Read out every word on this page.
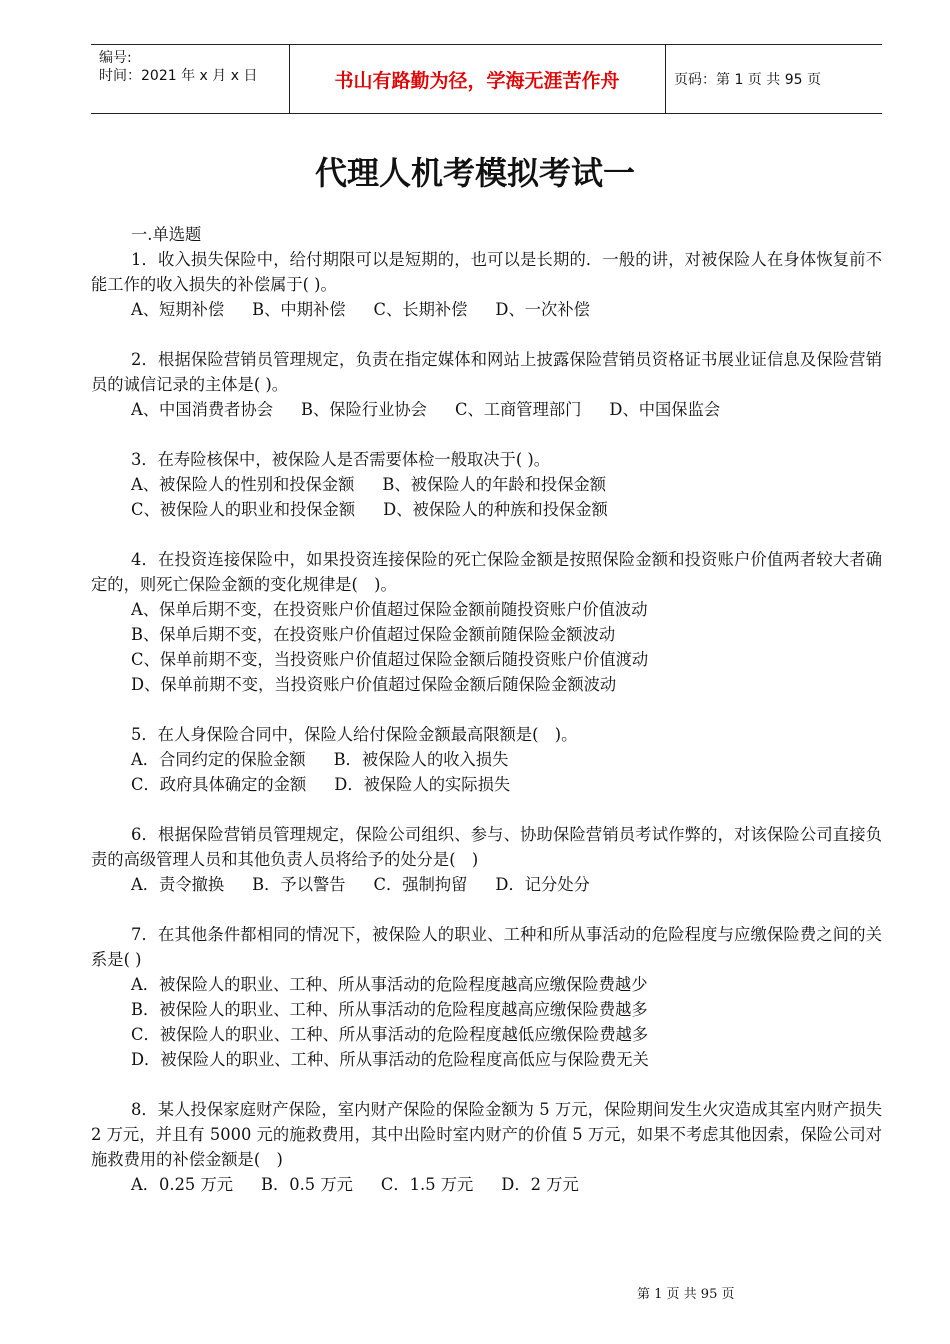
编号:
时间：2021 年 x 月 x 日	书山有路勤为径，学海无涯苦作舟	页码：第 1 页 共 95 页
代理人机考模拟考试一
一.单选题
1．收入损失保险中，给付期限可以是短期的，也可以是长期的．一般的讲，对被保险人在身体恢复前不能工作的收入损失的补偿属于( )。
A、短期补偿 B、中期补偿 C、长期补偿 D、一次补偿
2．根据保险营销员管理规定，负责在指定媒体和网站上披露保险营销员资格证书展业证信息及保险营销员的诚信记录的主体是( )。
A、中国消费者协会 B、保险行业协会 C、工商管理部门 D、中国保监会
3．在寿险核保中，被保险人是否需要体检一般取决于( )。
A、被保险人的性别和投保金额 B、被保险人的年龄和投保金额
C、被保险人的职业和投保金额 D、被保险人的种族和投保金额
4．在投资连接保险中，如果投资连接保险的死亡保险金额是按照保险金额和投资账户价值两者较大者确定的，则死亡保险金额的变化规律是(　)。
A、保单后期不变，在投资账户价值超过保险金额前随投资账户价值波动
B、保单后期不变，在投资账户价值超过保险金额前随保险金额波动
C、保单前期不变，当投资账户价值超过保险金额后随投资账户价值渡动
D、保单前期不变，当投资账户价值超过保险金额后随保险金额波动
5．在人身保险合同中，保险人给付保险金额最高限额是(　)。
A．合同约定的保脸金额 B．被保险人的收入损失
C．政府具体确定的金额 D．被保险人的实际损失
6．根据保险营销员管理规定，保险公司组织、参与、协助保险营销员考试作弊的，对该保险公司直接负责的高级管理人员和其他负责人员将给予的处分是(　)
A．责令撤换 B．予以警告 C．强制拘留 D．记分处分
7．在其他条件都相同的情况下，被保险人的职业、工种和所从事活动的危险程度与应缴保险费之间的关系是( )
A．被保险人的职业、工种、所从事活动的危险程度越高应缴保险费越少
B．被保险人的职业、工种、所从事活动的危险程度越高应缴保险费越多
C．被保险人的职业、工种、所从事活动的危险程度越低应缴保险费越多
D．被保险人的职业、工种、所从事活动的危险程度高低应与保险费无关
8．某人投保家庭财产保险，室内财产保险的保险金额为 5 万元，保险期间发生火灾造成其室内财产损失 2 万元，并且有 5000 元的施救费用，其中出险时室内财产的价值 5 万元，如果不考虑其他因索，保险公司对施救费用的补偿金额是(　)
A．0.25 万元 B．0.5 万元 C．1.5 万元 D．2 万元
第 1 页 共 95 页
